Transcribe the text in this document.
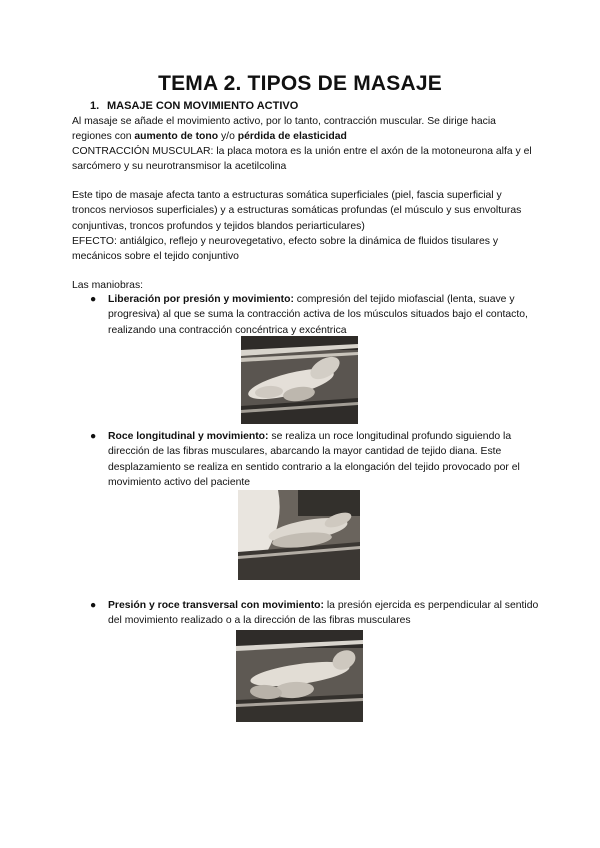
TEMA 2. TIPOS DE MASAJE

1. MASAJE CON MOVIMIENTO ACTIVO

Al masaje se añade el movimiento activo, por lo tanto, contracción muscular. Se dirige hacia regiones con aumento de tono y/o pérdida de elasticidad

CONTRACCIÓN MUSCULAR: la placa motora es la unión entre el axón de la motoneurona alfa y el sarcómero y su neurotransmisor la acetilcolina

Este tipo de masaje afecta tanto a estructuras somática superficiales (piel, fascia superficial y troncos nerviosos superficiales) y a estructuras somáticas profundas (el músculo y sus envolturas conjuntivas, troncos profundos y tejidos blandos periarticulares)

EFECTO: antiálgico, reflejo y neurovegetativo, efecto sobre la dinámica de fluidos tisulares y mecánicos sobre el tejido conjuntivo

Las maniobras:

● Liberación por presión y movimiento: compresión del tejido miofascial (lenta, suave y progresiva) al que se suma la contracción activa de los músculos situados bajo el contacto, realizando una contracción concéntrica y excéntrica
● Roce longitudinal y movimiento: se realiza un roce longitudinal profundo siguiendo la dirección de las fibras musculares, abarcando la mayor cantidad de tejido diana. Este desplazamiento se realiza en sentido contrario a la elongación del tejido provocado por el movimiento activo del paciente
● Presión y roce transversal con movimiento: la presión ejercida es perpendicular al sentido del movimiento realizado o a la dirección de las fibras musculares
